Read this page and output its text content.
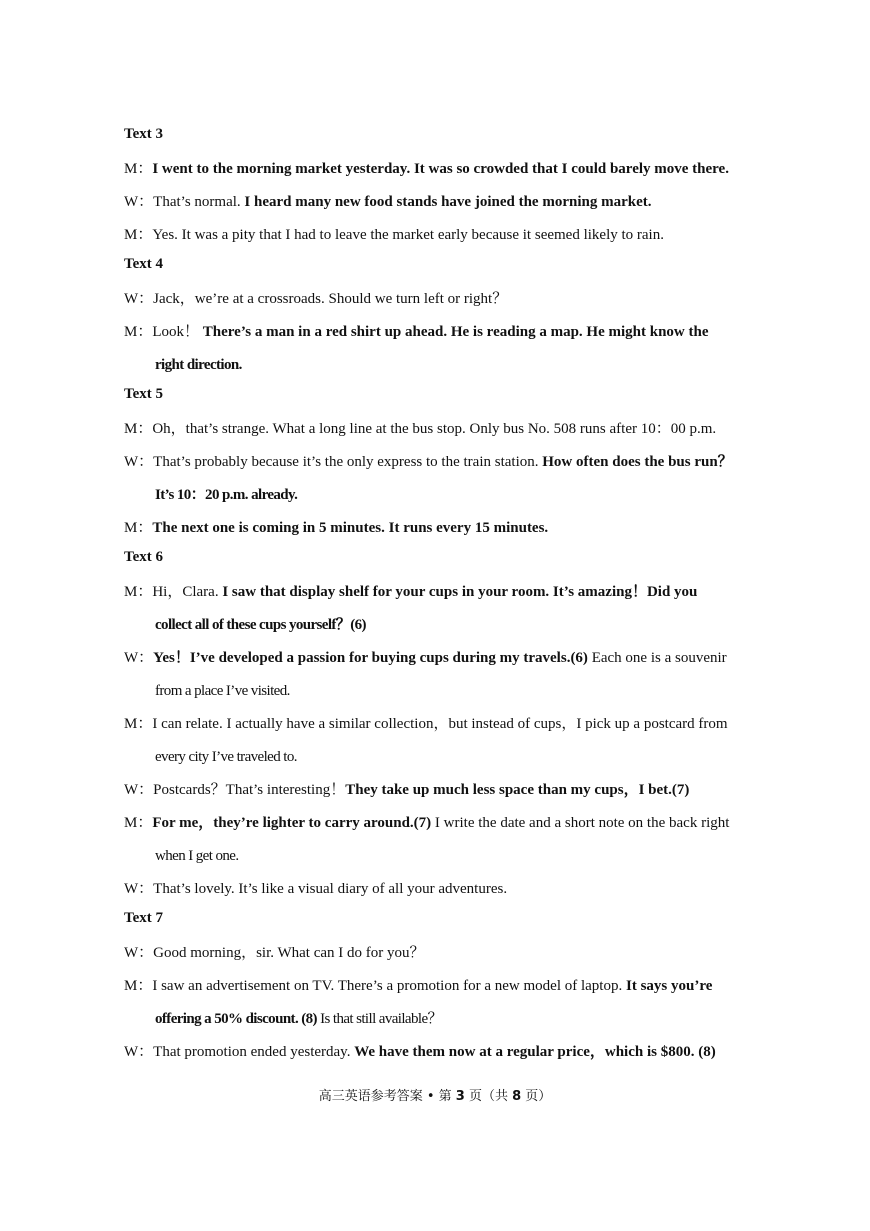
Text 3
M：I went to the morning market yesterday. It was so crowded that I could barely move there.
W：That’s normal. I heard many new food stands have joined the morning market.
M：Yes. It was a pity that I had to leave the market early because it seemed likely to rain.
Text 4
W：Jack，we’re at a crossroads. Should we turn left or right？
M：Look！ There’s a man in a red shirt up ahead. He is reading a map. He might know the
right direction.
Text 5
M：Oh，that’s strange. What a long line at the bus stop. Only bus No. 508 runs after 10：00 p.m.
W：That’s probably because it’s the only express to the train station. How often does the bus run？
It’s 10：20 p.m. already.
M：The next one is coming in 5 minutes. It runs every 15 minutes.
Text 6
M：Hi，Clara. I saw that display shelf for your cups in your room. It’s amazing！Did you
collect all of these cups yourself？(6)
W：Yes！I’ve developed a passion for buying cups during my travels.(6) Each one is a souvenir
from a place I’ve visited.
M：I can relate. I actually have a similar collection，but instead of cups，I pick up a postcard from
every city I’ve traveled to.
W：Postcards？That’s interesting！They take up much less space than my cups，I bet.(7)
M：For me，they’re lighter to carry around.(7) I write the date and a short note on the back right
when I get one.
W：That’s lovely. It’s like a visual diary of all your adventures.
Text 7
W：Good morning，sir. What can I do for you？
M：I saw an advertisement on TV. There’s a promotion for a new model of laptop. It says you’re
offering a 50% discount. (8) Is that still available？
W：That promotion ended yesterday. We have them now at a regular price，which is $800. (8)
高三英语参考答案 • 第 3 页（共 8 页）
